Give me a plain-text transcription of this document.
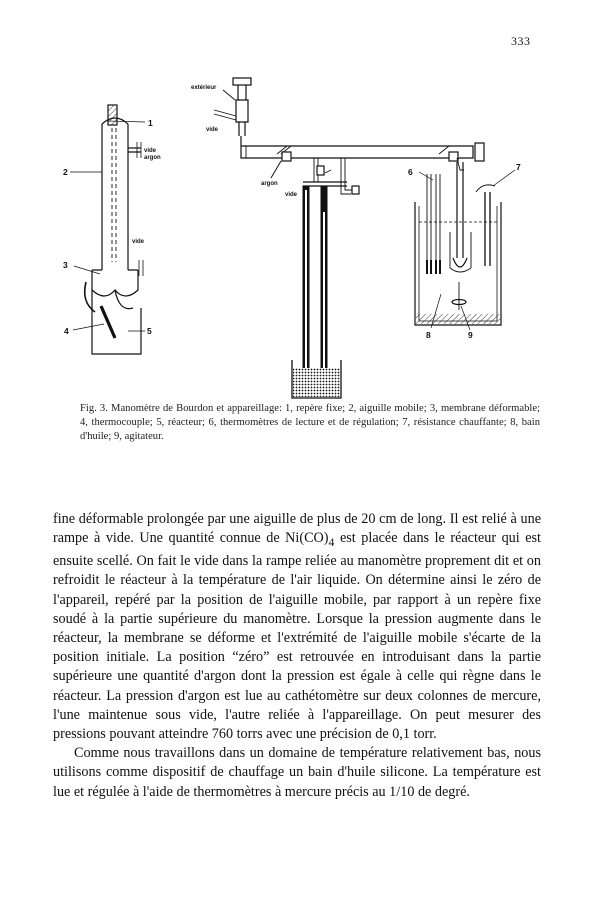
333
1
2
3
4	5
vide
argon
vide
extérieur
vide
argon
vide
6	7
8	9
Fig. 3. Manomètre de Bourdon et appareillage: 1, repère fixe; 2, aiguille mobile; 3, membrane déformable; 4, thermocouple; 5, réacteur; 6, thermomètres de lecture et de régulation; 7, résistance chauffante; 8, bain d'huile; 9, agitateur.

fine déformable prolongée par une aiguille de plus de 20 cm de long. Il est relié à une rampe à vide. Une quantité connue de $Ni(CO)_4$ est placée dans le réacteur qui est ensuite scellé. On fait le vide dans la rampe reliée au manomètre proprement dit et on refroidit le réacteur à la température de l'air liquide. On détermine ainsi le zéro de l'appareil, repéré par la position de l'aiguille mobile, par rapport à un repère fixe soudé à la partie supérieure du manomètre. Lorsque la pression augmente dans le réacteur, la membrane se déforme et l'extrémité de l'aiguille mobile s'écarte de la position initiale. La position “zéro” est retrouvée en introduisant dans la partie supérieure une quantité d'argon dont la pression est égale à celle qui règne dans le réacteur. La pression d'argon est lue au cathétomètre sur deux colonnes de mercure, l'une maintenue sous vide, l'autre reliée à l'appareillage. On peut mesurer des pressions pouvant atteindre 760 torrs avec une précision de 0,1 torr.

Comme nous travaillons dans un domaine de température relativement bas, nous utilisons comme dispositif de chauffage un bain d'huile silicone. La température est lue et régulée à l'aide de thermomètres à mercure précis au 1/10 de degré.
